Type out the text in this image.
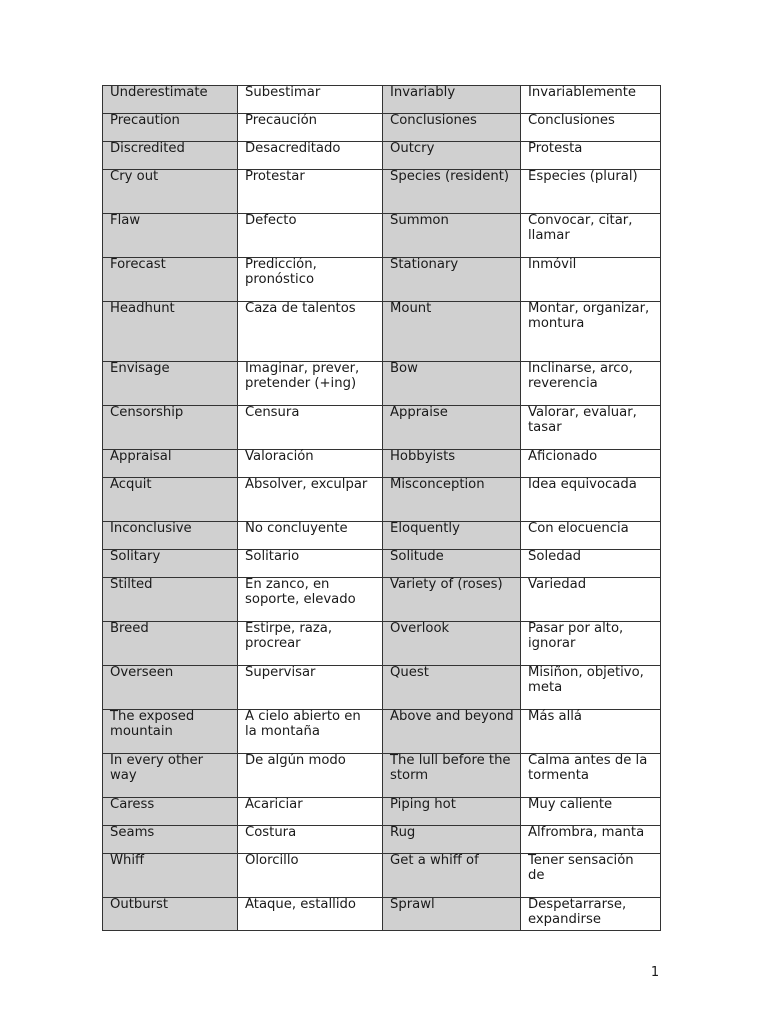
Underestimate
Precaution
Discredited
Cry out
Flaw
Forecast
Headhunt
Envisage
Censorship
Appraisal
Acquit
Inconclusive
Solitary
Stilted
Breed
Overseen
The exposed mountain
In every other way
Caress
Seams
Whiff
Outburst
Subestimar
Precaución
Desacreditado
Protestar
Defecto
Predicción, pronóstico
Caza de talentos
Imaginar, prever, pretender (+ing)
Censura
Valoración
Absolver, exculpar
No concluyente
Solitario
En zanco, en soporte, elevado
Estirpe, raza, procrear
Supervisar
A cielo abierto en la montaña
De algún modo
Acariciar
Costura
Olorcillo
Ataque, estallido
Invariably
Conclusiones
Outcry
Species (resident)
Summon
Stationary
Mount
Bow
Appraise
Hobbyists
Misconception
Eloquently
Solitude
Variety of (roses)
Overlook
Quest
Above and beyond
The lull before the storm
Piping hot
Rug
Get a whiff of
Sprawl
Invariablemente
Conclusiones
Protesta
Especies (plural)
Convocar, citar, llamar
Inmóvil
Montar, organizar, montura
Inclinarse, arco, reverencia
Valorar, evaluar, tasar
Aficionado
Idea equivocada
Con elocuencia
Soledad
Variedad
Pasar por alto, ignorar
Misiñon, objetivo, meta
Más allá
Calma antes de la tormenta
Muy caliente
Alfrombra, manta
Tener sensación de
Despetarrarse, expandirse
1
